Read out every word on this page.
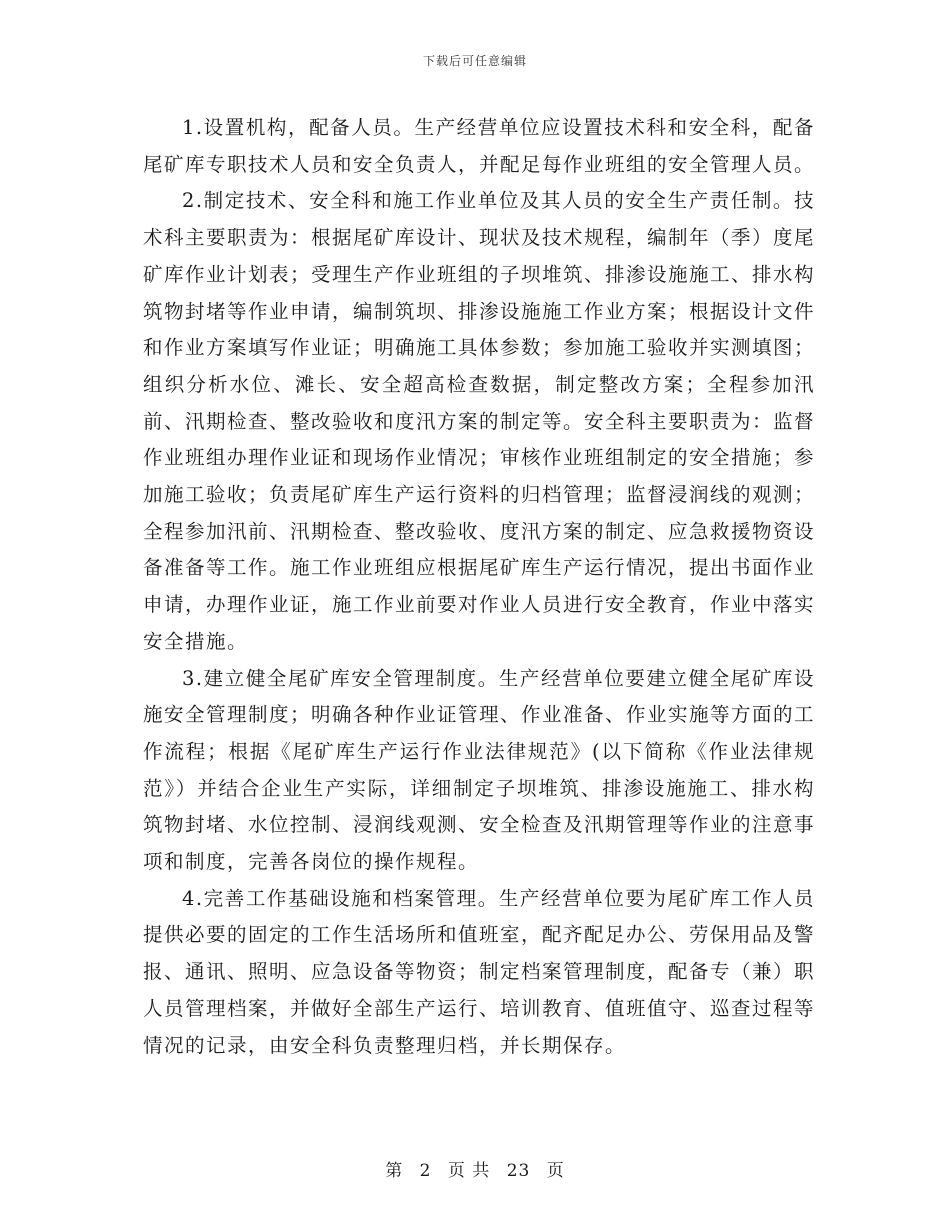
下载后可任意编辑

1.设置机构，配备人员。生产经营单位应设置技术科和安全科，配备尾矿库专职技术人员和安全负责人，并配足每作业班组的安全管理人员。

2.制定技术、安全科和施工作业单位及其人员的安全生产责任制。技术科主要职责为：根据尾矿库设计、现状及技术规程，编制年（季）度尾矿库作业计划表；受理生产作业班组的子坝堆筑、排渗设施施工、排水构筑物封堵等作业申请，编制筑坝、排渗设施施工作业方案；根据设计文件和作业方案填写作业证；明确施工具体参数；参加施工验收并实测填图；组织分析水位、滩长、安全超高检查数据，制定整改方案；全程参加汛前、汛期检查、整改验收和度汛方案的制定等。安全科主要职责为：监督作业班组办理作业证和现场作业情况；审核作业班组制定的安全措施；参加施工验收；负责尾矿库生产运行资料的归档管理；监督浸润线的观测；全程参加汛前、汛期检查、整改验收、度汛方案的制定、应急救援物资设备准备等工作。施工作业班组应根据尾矿库生产运行情况，提出书面作业申请，办理作业证，施工作业前要对作业人员进行安全教育，作业中落实安全措施。

3.建立健全尾矿库安全管理制度。生产经营单位要建立健全尾矿库设施安全管理制度；明确各种作业证管理、作业准备、作业实施等方面的工作流程；根据《尾矿库生产运行作业法律规范》(以下简称《作业法律规范》）并结合企业生产实际，详细制定子坝堆筑、排渗设施施工、排水构筑物封堵、水位控制、浸润线观测、安全检查及汛期管理等作业的注意事项和制度，完善各岗位的操作规程。

4.完善工作基础设施和档案管理。生产经营单位要为尾矿库工作人员提供必要的固定的工作生活场所和值班室，配齐配足办公、劳保用品及警报、通讯、照明、应急设备等物资；制定档案管理制度，配备专（兼）职人员管理档案，并做好全部生产运行、培训教育、值班值守、巡查过程等情况的记录，由安全科负责整理归档，并长期保存。

第 2 页 共 23 页
